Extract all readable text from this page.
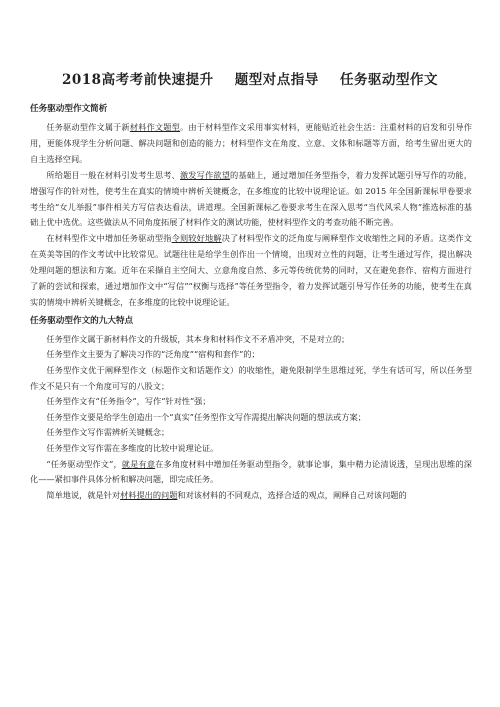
2018高考考前快速提升 题型对点指导 任务驱动型作文
任务驱动型作文简析

任务驱动型作文属于新材料作文题型。由于材料型作文采用事实材料，更能贴近社会生活：注重材料的启发和引导作用，更能体现学生分析问题、解决问题和创造的能力；材料型作文在角度、立意、文体和标题等方面，给考生留出更大的自主选择空间。

所给题目一般在材料引发考生思考、激发写作欲望的基础上，通过增加任务型指令，着力发挥试题引导写作的功能，增强写作的针对性，使考生在真实的情境中辨析关键概念，在多维度的比较中说理论证。如 2015 年全国新课标甲卷要求考生给“女儿举报”事件相关方写信表达看法，讲道理。全国新课标乙卷要求考生在深入思考“当代风采人物”推选标准的基础上优中选优。这些做法从不同角度拓展了材料作文的测试功能，使材料型作文的考查功能不断完善。

在材料型作文中增加任务驱动型指令则较好地解决了材料型作文的泛角度与阐释型作文收缩性之间的矛盾。这类作文在英美等国的作文考试中比较常见。试题往往是给学生创作出一个情境，出现对立性的问题，让考生通过写作，提出解决处理问题的想法和方案。近年在采撷自主空间大、立意角度自然、多元等传统优势的同时，又在避免套作、宿构方面进行了新的尝试和探索，通过增加作文中“写信”“权衡与选择”等任务型指令，着力发挥试题引导写作任务的功能，使考生在真实的情境中辨析关键概念，在多维度的比较中说理论证。

任务驱动型作文的九大特点

任务型作文属于新材料作文的升级版，其本身和材料作文不矛盾冲突，不是对立的；

任务型作文主要为了解决习作的“泛角度”“宿构和套作”的；

任务型作文优于阐释型作文（标题作文和话题作文）的收缩性，避免限制学生思维过死，学生有话可写，所以任务型作文不是只有一个角度可写的八股文；

任务型作文有“任务指令”，写作“针对性”强；

任务型作文要是给学生创造出一个“真实”任务型作文写作需提出解决问题的想法或方案；

任务型作文写作需辨析关键概念；

任务型作文写作需在多维度的比较中说理论证。

“任务驱动型作文”，就是有意在多角度材料中增加任务驱动型指令，就事论事，集中精力论清说透，呈现出思维的深化——紧扣事件具体分析和解决问题，即完成任务。

简单地说，就是针对材料提出的问题和对该材料的不同观点，选择合适的观点，阐释自己对该问题的
